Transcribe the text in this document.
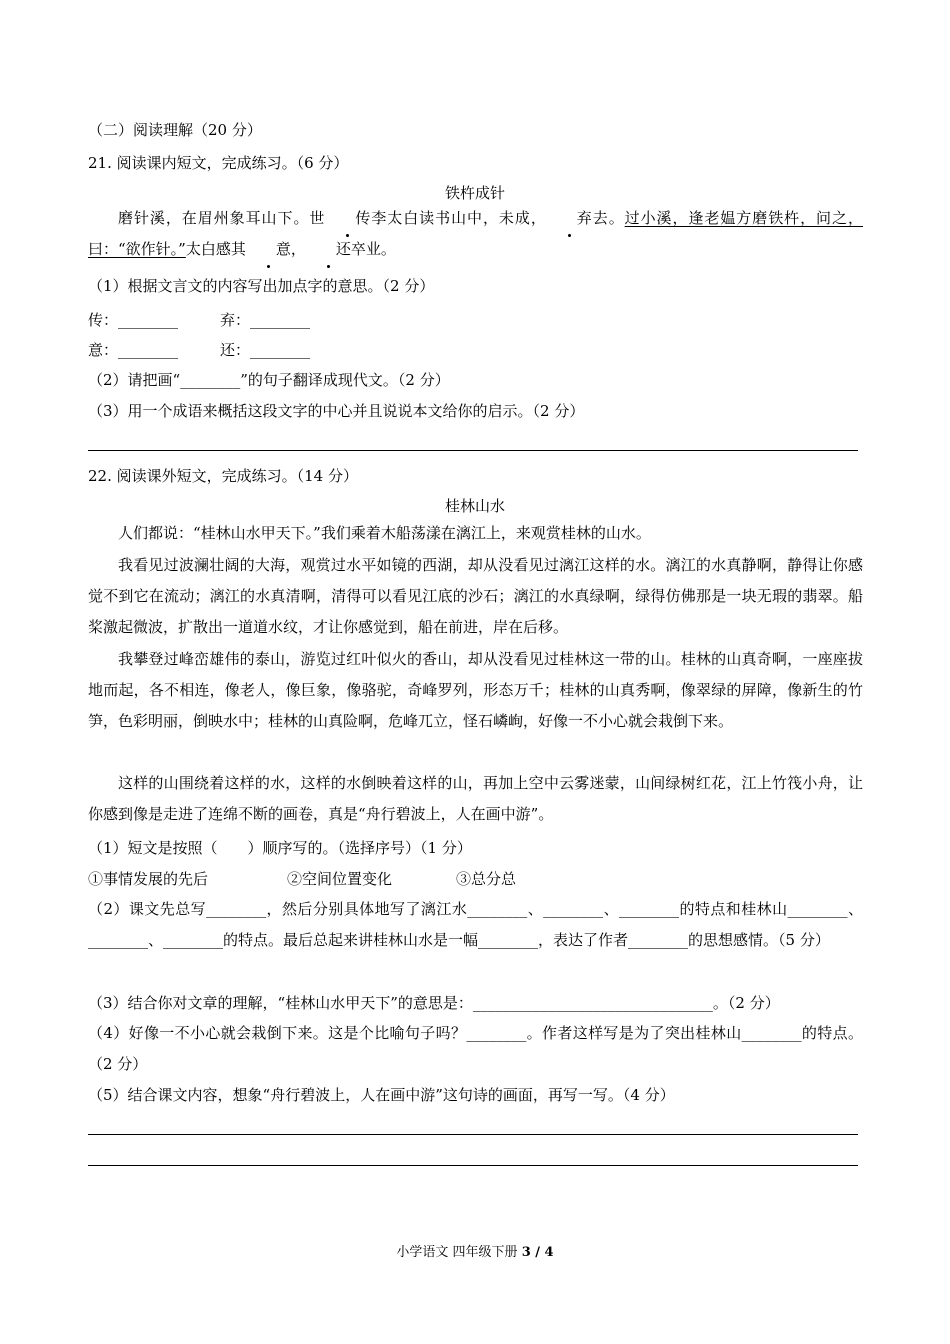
（二）阅读理解（20 分）
21. 阅读课内短文，完成练习。（6 分）
铁杵成针
磨针溪，在眉州象耳山下。世 传李太白读书山中，未成， 弃去。过小溪，逢老媪方磨铁杵，问之，曰：“欲作针。”太白感其 意， 还卒业。
（1）根据文言文的内容写出加点字的意思。（2 分）
传：________	弃：________
意：________	还：________
（2）请把画“________”的句子翻译成现代文。（2 分）
（3）用一个成语来概括这段文字的中心并且说说本文给你的启示。（2 分）
22. 阅读课外短文，完成练习。（14 分）
桂林山水
人们都说：“桂林山水甲天下。”我们乘着木船荡漾在漓江上，来观赏桂林的山水。
我看见过波澜壮阔的大海，观赏过水平如镜的西湖，却从没看见过漓江这样的水。漓江的水真静啊，静得让你感觉不到它在流动；漓江的水真清啊，清得可以看见江底的沙石；漓江的水真绿啊，绿得仿佛那是一块无瑕的翡翠。船桨激起微波，扩散出一道道水纹，才让你感觉到，船在前进，岸在后移。
我攀登过峰峦雄伟的泰山，游览过红叶似火的香山，却从没看见过桂林这一带的山。桂林的山真奇啊，一座座拔地而起，各不相连，像老人，像巨象，像骆驼，奇峰罗列，形态万千；桂林的山真秀啊，像翠绿的屏障，像新生的竹笋，色彩明丽，倒映水中；桂林的山真险啊，危峰兀立，怪石嶙峋，好像一不小心就会栽倒下来。
这样的山围绕着这样的水，这样的水倒映着这样的山，再加上空中云雾迷蒙，山间绿树红花，江上竹筏小舟，让你感到像是走进了连绵不断的画卷，真是“舟行碧波上，人在画中游”。
（1）短文是按照（　　）顺序写的。（选择序号）（1 分）
①事情发展的先后	②空间位置变化	③总分总
（2）课文先总写________，然后分别具体地写了漓江水________、________、________的特点和桂林山________、________、________的特点。最后总起来讲桂林山水是一幅________，表达了作者________的思想感情。（5 分）
（3）结合你对文章的理解，“桂林山水甲天下”的意思是：________________________________。（2 分）
（4）好像一不小心就会栽倒下来。这是个比喻句子吗？________。作者这样写是为了突出桂林山________的特点。（2 分）
（5）结合课文内容，想象“舟行碧波上，人在画中游”这句诗的画面，再写一写。（4 分）
小学语文 四年级下册 3 / 4
